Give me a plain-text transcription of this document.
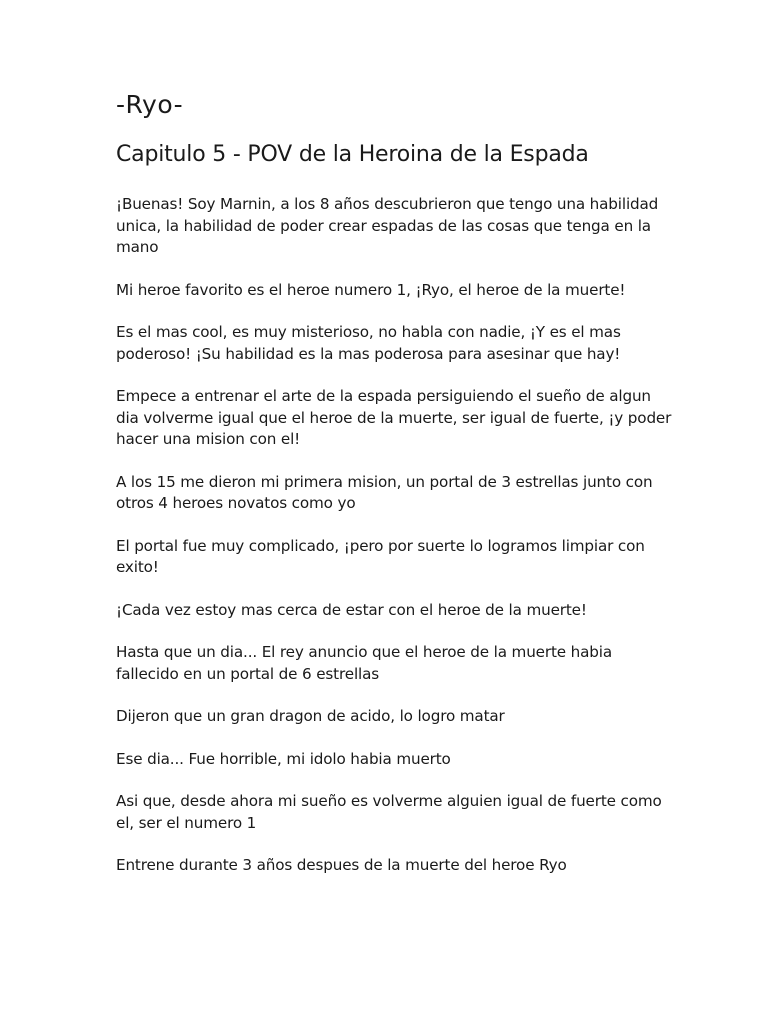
-Ryo-
Capitulo 5 - POV de la Heroina de la Espada

¡Buenas! Soy Marnin, a los 8 años descubrieron que tengo una habilidad unica, la habilidad de poder crear espadas de las cosas que tenga en la mano

Mi heroe favorito es el heroe numero 1, ¡Ryo, el heroe de la muerte!

Es el mas cool, es muy misterioso, no habla con nadie, ¡Y es el mas poderoso! ¡Su habilidad es la mas poderosa para asesinar que hay!

Empece a entrenar el arte de la espada persiguiendo el sueño de algun dia volverme igual que el heroe de la muerte, ser igual de fuerte, ¡y poder hacer una mision con el!

A los 15 me dieron mi primera mision, un portal de 3 estrellas junto con otros 4 heroes novatos como yo

El portal fue muy complicado, ¡pero por suerte lo logramos limpiar con exito!

¡Cada vez estoy mas cerca de estar con el heroe de la muerte!

Hasta que un dia... El rey anuncio que el heroe de la muerte habia fallecido en un portal de 6 estrellas

Dijeron que un gran dragon de acido, lo logro matar

Ese dia... Fue horrible, mi idolo habia muerto

Asi que, desde ahora mi sueño es volverme alguien igual de fuerte como el, ser el numero 1

Entrene durante 3 años despues de la muerte del heroe Ryo
